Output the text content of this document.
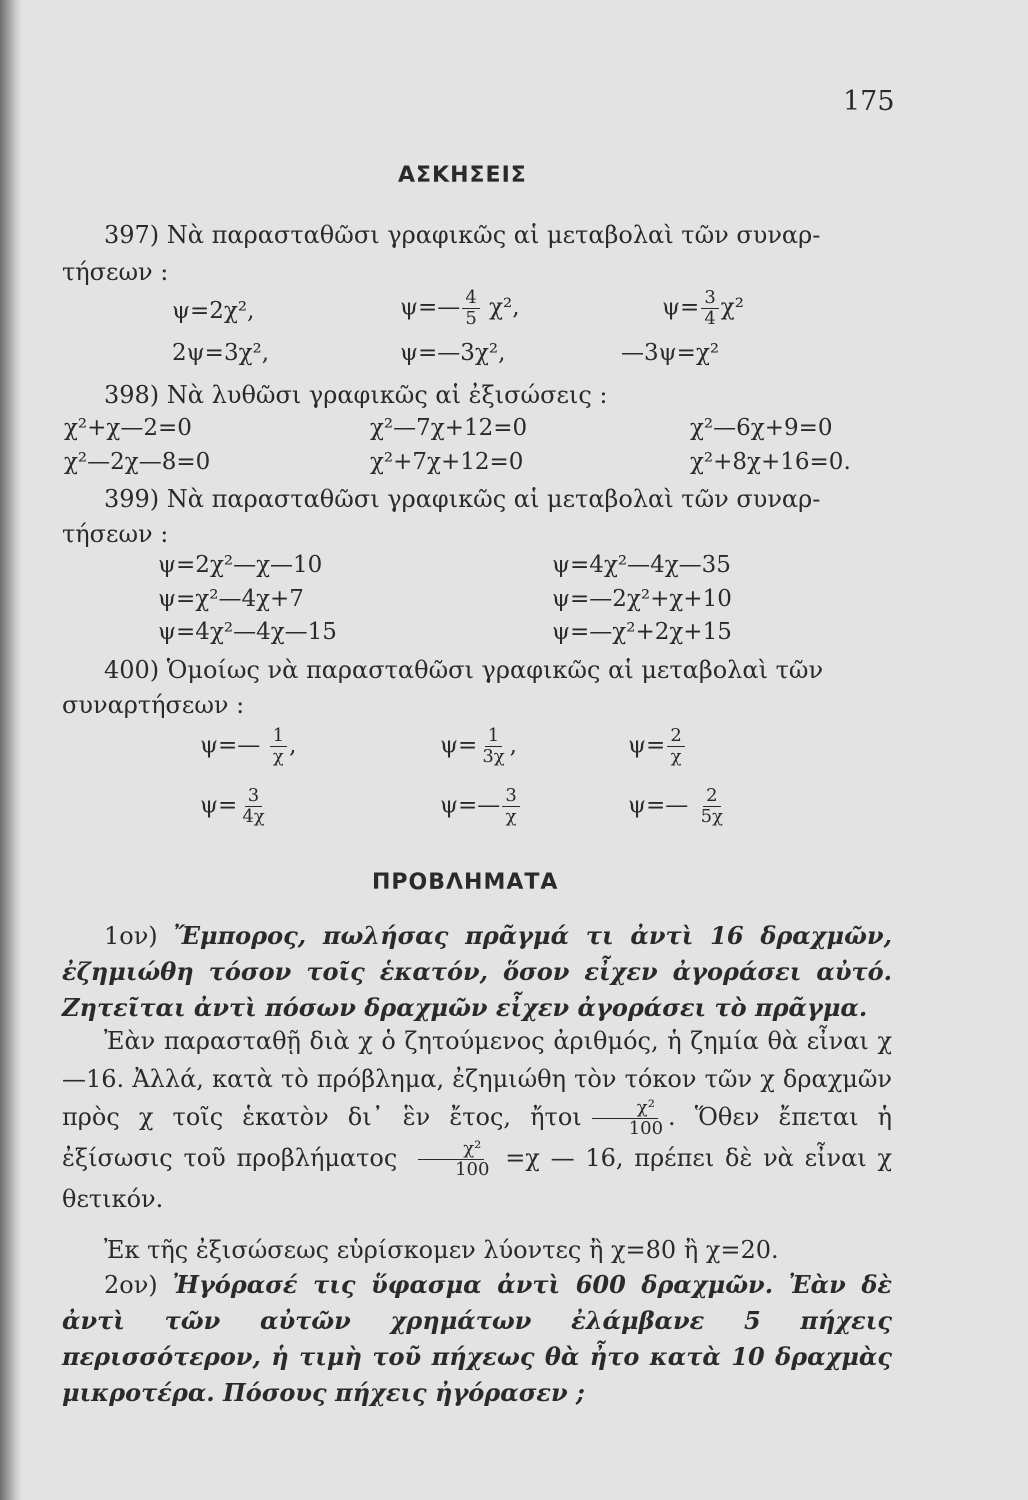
175
ΑΣΚΗΣΕΙΣ
397) Νὰ παρασταθῶσι γραφικῶς αἱ μεταβολαὶ τῶν συναρ-
τήσεων :
ψ=2χ²,	ψ=— $\frac{4}{5} \chi^2$,	$\psi= \frac{3}{4} \chi^2$
2ψ=3χ²,	ψ=—3χ²,	—3ψ=χ²
398) Νὰ λυθῶσι γραφικῶς αἱ ἐξισώσεις :
χ²+χ—2=0	χ²—7χ+12=0	χ²—6χ+9=0
χ²—2χ—8=0	χ²+7χ+12=0	χ²+8χ+16=0.
399) Νὰ παρασταθῶσι γραφικῶς αἱ μεταβολαὶ τῶν συναρ-
τήσεων :
ψ=2χ²—χ—10	ψ=4χ²—4χ—35
ψ=χ²—4χ+7	ψ=—2χ²+χ+10
ψ=4χ²—4χ—15	ψ=—χ²+2χ+15
400) Ὁμοίως νὰ παρασταθῶσι γραφικῶς αἱ μεταβολαὶ τῶν
συναρτήσεων :
ψ=— $\frac{1}{\chi}$ ,	$\psi= \frac{1}{3\chi}$ ,	$\psi= \frac{2}{\chi}$
$\psi= \frac{3}{4\chi}$	ψ=— $\frac{3}{\chi}$	ψ=— $\frac{2}{5\chi}$
ΠΡΟΒΛΗΜΑΤΑ
1ον) Ἔμπορος, πωλήσας πρᾶγμά τι ἀντὶ 16 δραχμῶν, ἐζημιώθη τόσον τοῖς ἑκατόν, ὅσον εἶχεν ἀγοράσει αὐτό. Ζητεῖται ἀντὶ πόσων δραχμῶν εἶχεν ἀγοράσει τὸ πρᾶγμα.
Ἐὰν παρασταθῇ διὰ χ ὁ ζητούμενος ἀριθμός, ἡ ζημία θὰ εἶναι χ—16. Ἀλλά, κατὰ τὸ πρόβλημα, ἐζημιώθη τὸν τόκον τῶν χ δραχμῶν πρὸς χ τοῖς ἑκατὸν δι᾽ ἓν ἔτος, ἤτοι $\frac{\text{χ²}}{100}$ . Ὅθεν ἔπεται ἡ ἐξίσωσις τοῦ προβλήματος $\frac{\text{χ²}}{100} =\chi$ — 16, πρέπει δὲ νὰ εἶναι χ θετικόν.
Ἐκ τῆς ἐξισώσεως εὑρίσκομεν λύοντες ἢ χ=80 ἢ χ=20.
2ον) Ἠγόρασέ τις ὕφασμα ἀντὶ 600 δραχμῶν. Ἐὰν δὲ ἀντὶ τῶν αὐτῶν χρημάτων ἐλάμβανε 5 πήχεις περισσότερον, ἡ τιμὴ τοῦ πήχεως θὰ ἦτο κατὰ 10 δραχμὰς μικροτέρα. Πόσους πήχεις ἠγόρασεν ;
